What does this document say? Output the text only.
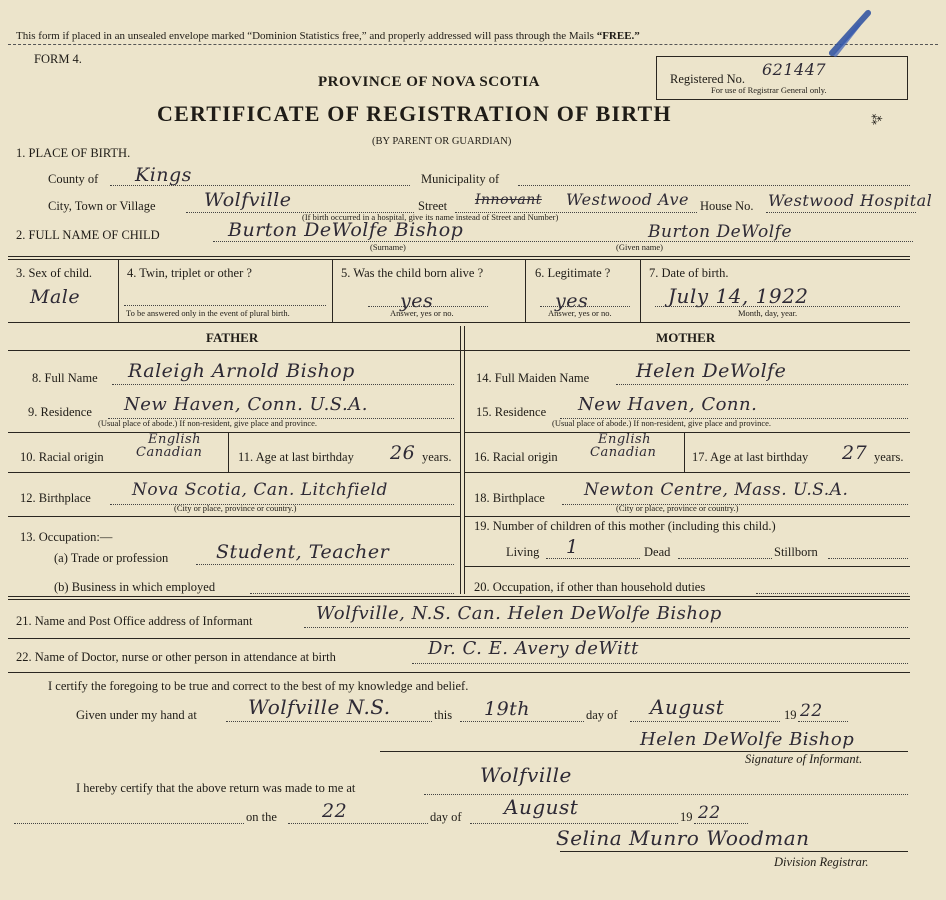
This form if placed in an unsealed envelope marked “Dominion Statistics free,” and properly addressed will pass through the Mails “FREE.”
FORM 4.
PROVINCE OF NOVA SCOTIA
CERTIFICATE OF REGISTRATION OF BIRTH
(BY PARENT OR GUARDIAN)
Registered No. 621447
For use of Registrar General only.
⁂
1. PLACE OF BIRTH.
County of Kings	Municipality of
City, Town or Village	Wolfville	Street Innovant Westwood Ave House No. Westwood Hospital
(If birth occurred in a hospital, give its name instead of Street and Number)
2. FULL NAME OF CHILD	Burton DeWolfe Bishop	Burton DeWolfe
(Surname)	(Given name)
3. Sex of child.
Male
4. Twin, triplet or other ?
To be answered only in the event of plural birth.
5. Was the child born alive ?
yes
Answer, yes or no.
6. Legitimate ?
yes
Answer, yes or no.
7. Date of birth.
July 14, 1922
Month, day, year.
FATHER	MOTHER
8. Full Name Raleigh Arnold Bishop
9. Residence New Haven, Conn. U.S.A.
(Usual place of abode.) If non-resident, give place and province.
10. Racial origin
English
Canadian	11. Age at last birthday 26 years.
12. Birthplace Nova Scotia, Can. Litchfield
(City or place, province or country.)
13. Occupation:—
(a) Trade or profession	Student, Teacher
(b) Business in which employed
14. Full Maiden Name Helen DeWolfe
15. Residence New Haven, Conn.
(Usual place of abode.) If non-resident, give place and province.
16. Racial origin
English
Canadian	17. Age at last birthday 27 years.
18. Birthplace Newton Centre, Mass. U.S.A.
(City or place, province or country.)
19. Number of children of this mother (including this child.)
Living 1	Dead	Stillborn
20. Occupation, if other than household duties
21. Name and Post Office address of Informant	Wolfville, N.S. Can. Helen DeWolfe Bishop
22. Name of Doctor, nurse or other person in attendance at birth	Dr. C. E. Avery deWitt
I certify the foregoing to be true and correct to the best of my knowledge and belief.
Given under my hand at	Wolfville N.S.	this 19th	day of August	19 22
Helen DeWolfe Bishop
Signature of Informant.
I hereby certify that the above return was made to me at
Wolfville
on the 22	day of August	19 22
Selina Munro Woodman
Division Registrar.
